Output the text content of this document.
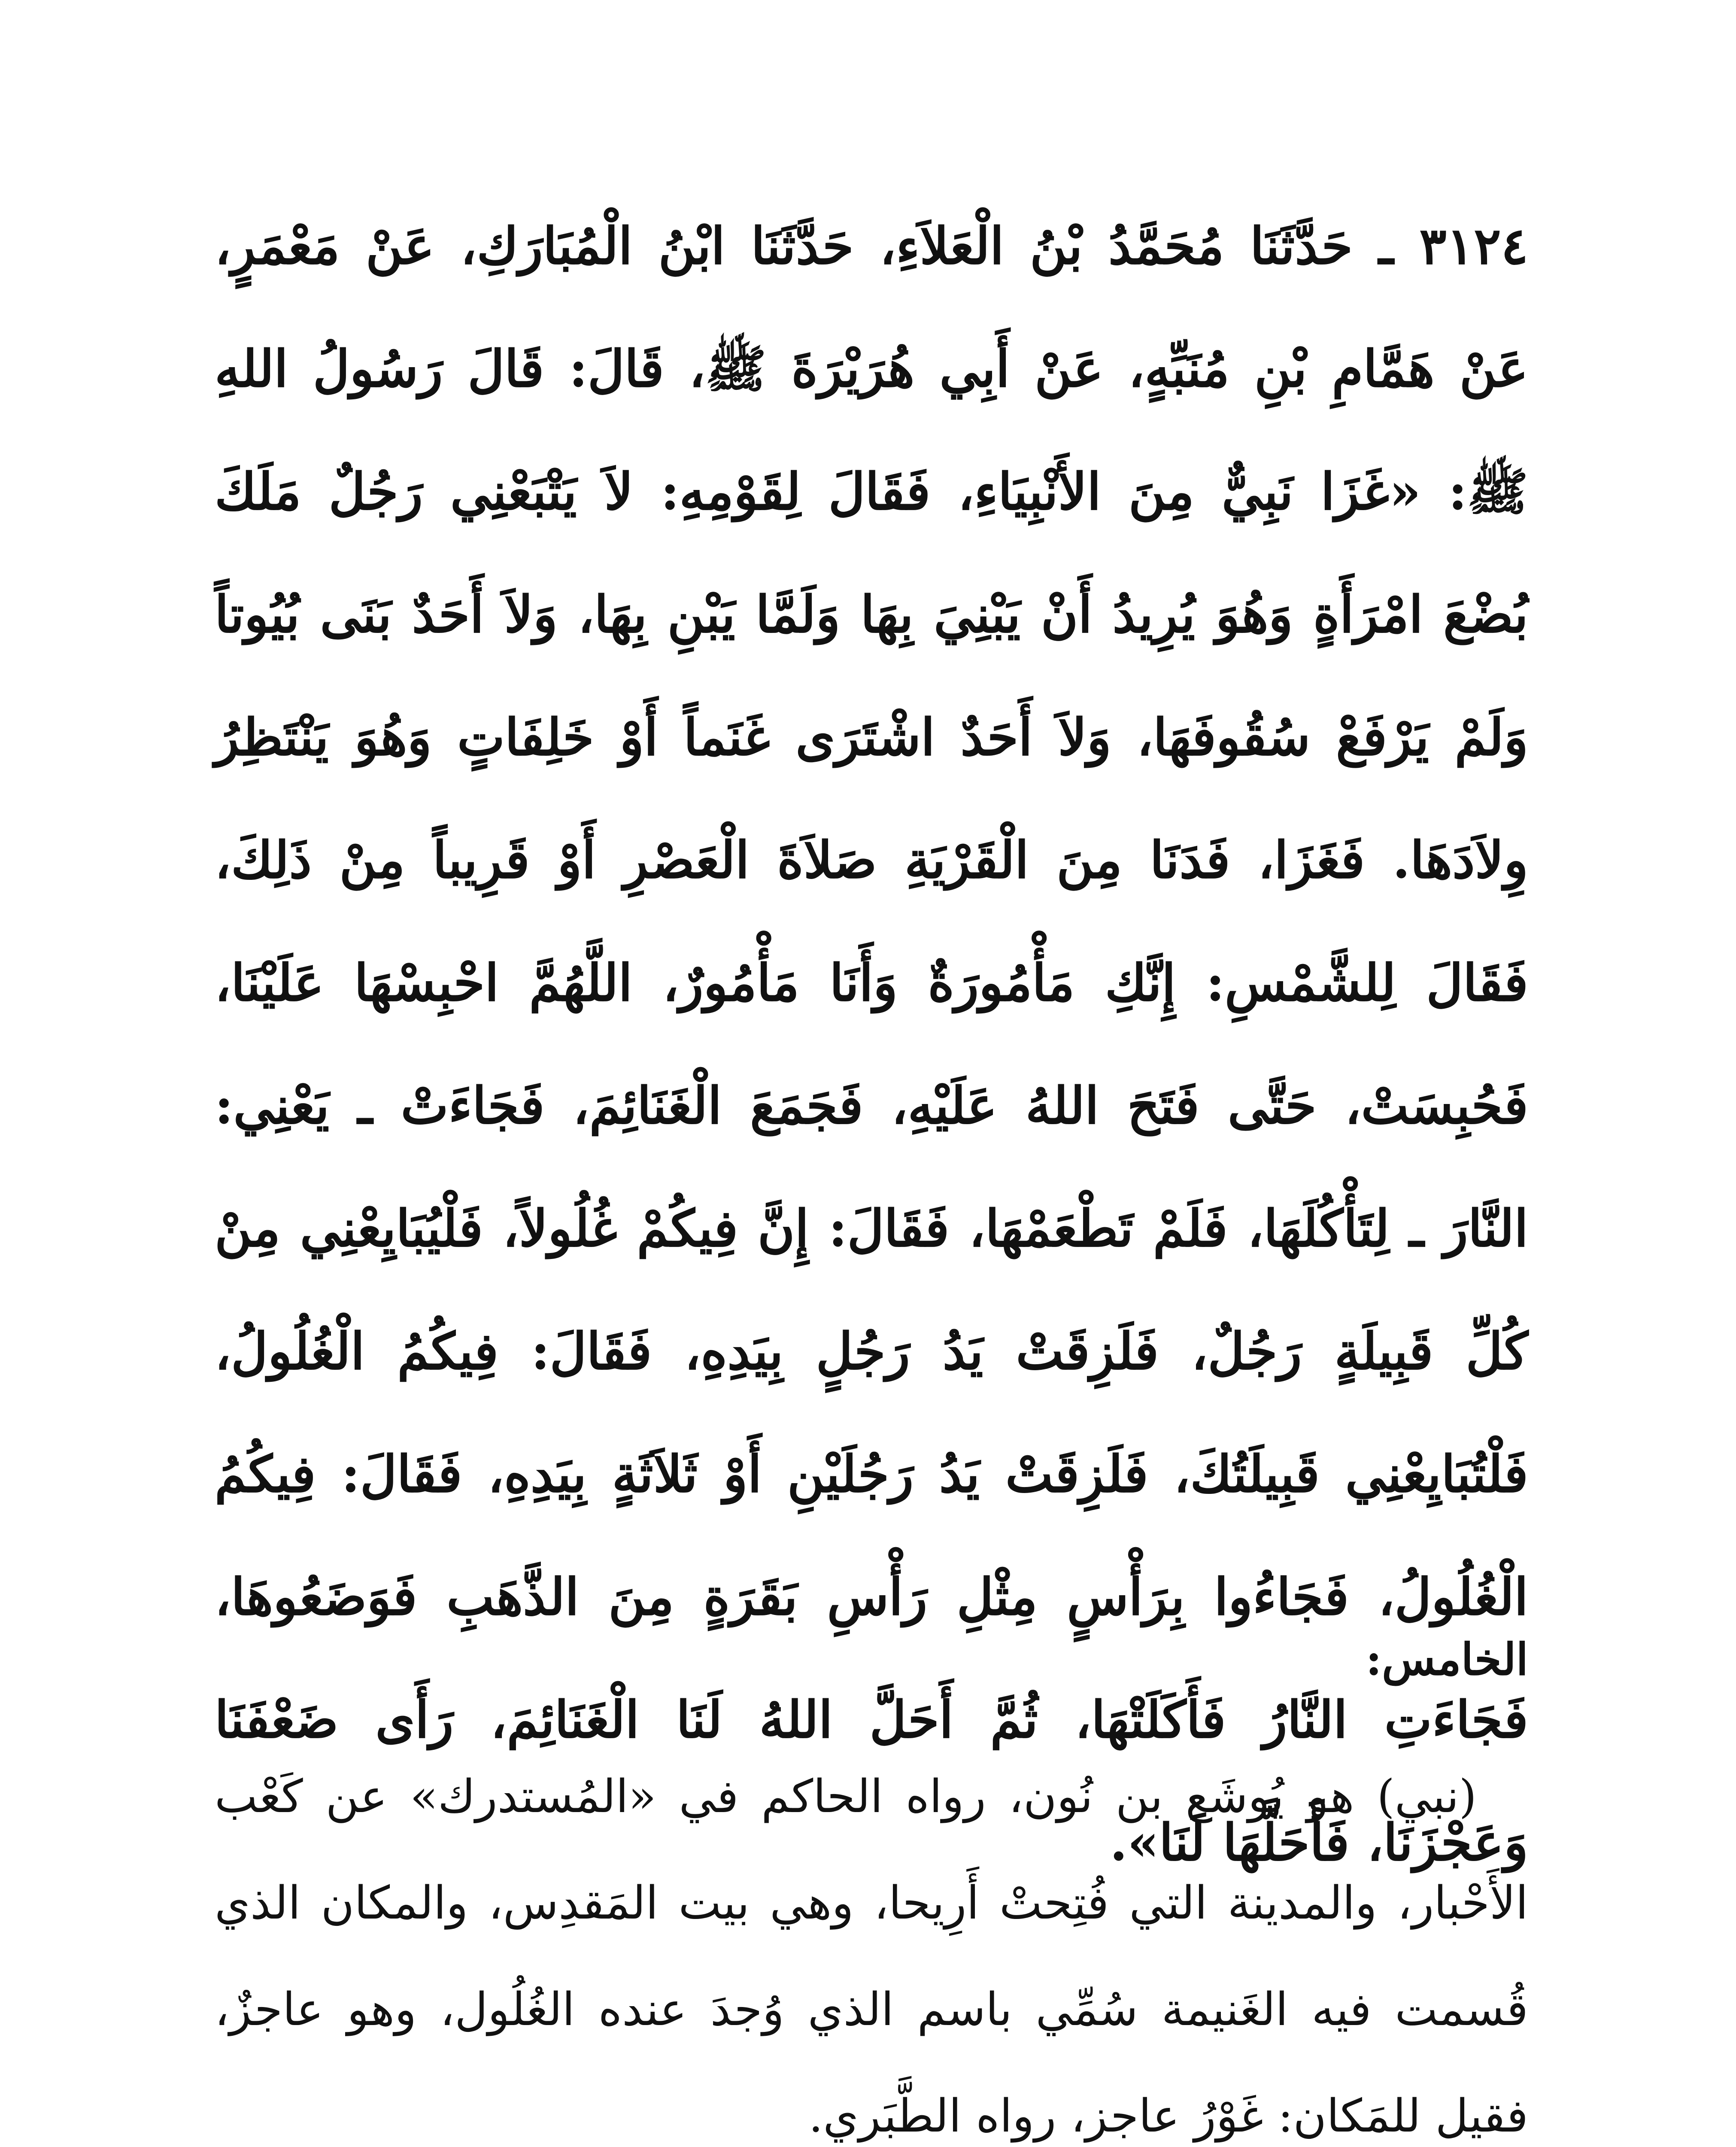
٣١٢٤ ـ حَدَّثَنَا مُحَمَّدُ بْنُ الْعَلاَءِ، حَدَّثَنَا ابْنُ الْمُبَارَكِ، عَنْ مَعْمَرٍ، عَنْ هَمَّامِ بْنِ مُنَبِّهٍ، عَنْ أَبِي هُرَيْرَةَ ﷺ، قَالَ: قَالَ رَسُولُ اللهِ ﷺ: «غَزَا نَبِيٌّ مِنَ الأَنْبِيَاءِ، فَقَالَ لِقَوْمِهِ: لاَ يَتْبَعْنِي رَجُلٌ مَلَكَ بُضْعَ امْرَأَةٍ وَهُوَ يُرِيدُ أَنْ يَبْنِيَ بِهَا وَلَمَّا يَبْنِ بِهَا، وَلاَ أَحَدٌ بَنَى بُيُوتاً وَلَمْ يَرْفَعْ سُقُوفَهَا، وَلاَ أَحَدٌ اشْتَرَى غَنَماً أَوْ خَلِفَاتٍ وَهُوَ يَنْتَظِرُ وِلاَدَهَا. فَغَزَا، فَدَنَا مِنَ الْقَرْيَةِ صَلاَةَ الْعَصْرِ أَوْ قَرِيباً مِنْ ذَلِكَ، فَقَالَ لِلشَّمْسِ: إِنَّكِ مَأْمُورَةٌ وَأَنَا مَأْمُورٌ، اللَّهُمَّ احْبِسْهَا عَلَيْنَا، فَحُبِسَتْ، حَتَّى فَتَحَ اللهُ عَلَيْهِ، فَجَمَعَ الْغَنَائِمَ، فَجَاءَتْ ـ يَعْنِي: النَّارَ ـ لِتَأْكُلَهَا، فَلَمْ تَطْعَمْهَا، فَقَالَ: إِنَّ فِيكُمْ غُلُولاً، فَلْيُبَايِعْنِي مِنْ كُلِّ قَبِيلَةٍ رَجُلٌ، فَلَزِقَتْ يَدُ رَجُلٍ بِيَدِهِ، فَقَالَ: فِيكُمُ الْغُلُولُ، فَلْتُبَايِعْنِي قَبِيلَتُكَ، فَلَزِقَتْ يَدُ رَجُلَيْنِ أَوْ ثَلاَثَةٍ بِيَدِهِ، فَقَالَ: فِيكُمُ الْغُلُولُ، فَجَاءُوا بِرَأْسٍ مِثْلِ رَأْسِ بَقَرَةٍ مِنَ الذَّهَبِ فَوَضَعُوهَا، فَجَاءَتِ النَّارُ فَأَكَلَتْهَا، ثُمَّ أَحَلَّ اللهُ لَنَا الْغَنَائِمَ، رَأَى ضَعْفَنَا وَعَجْزَنَا، فَأَحَلَّهَا لَنَا».

الخامس:

(نبي) هو يُوشَع بن نُون، رواه الحاكم في «المُستدرك» عن كَعْب الأَحْبار، والمدينة التي فُتِحتْ أَرِيحا، وهي بيت المَقدِس، والمكان الذي قُسمت فيه الغَنيمة سُمِّي باسم الذي وُجدَ عنده الغُلُول، وهو عاجزٌ، فقيل للمَكان: غَوْرُ عاجز، رواه الطَّبَري.
